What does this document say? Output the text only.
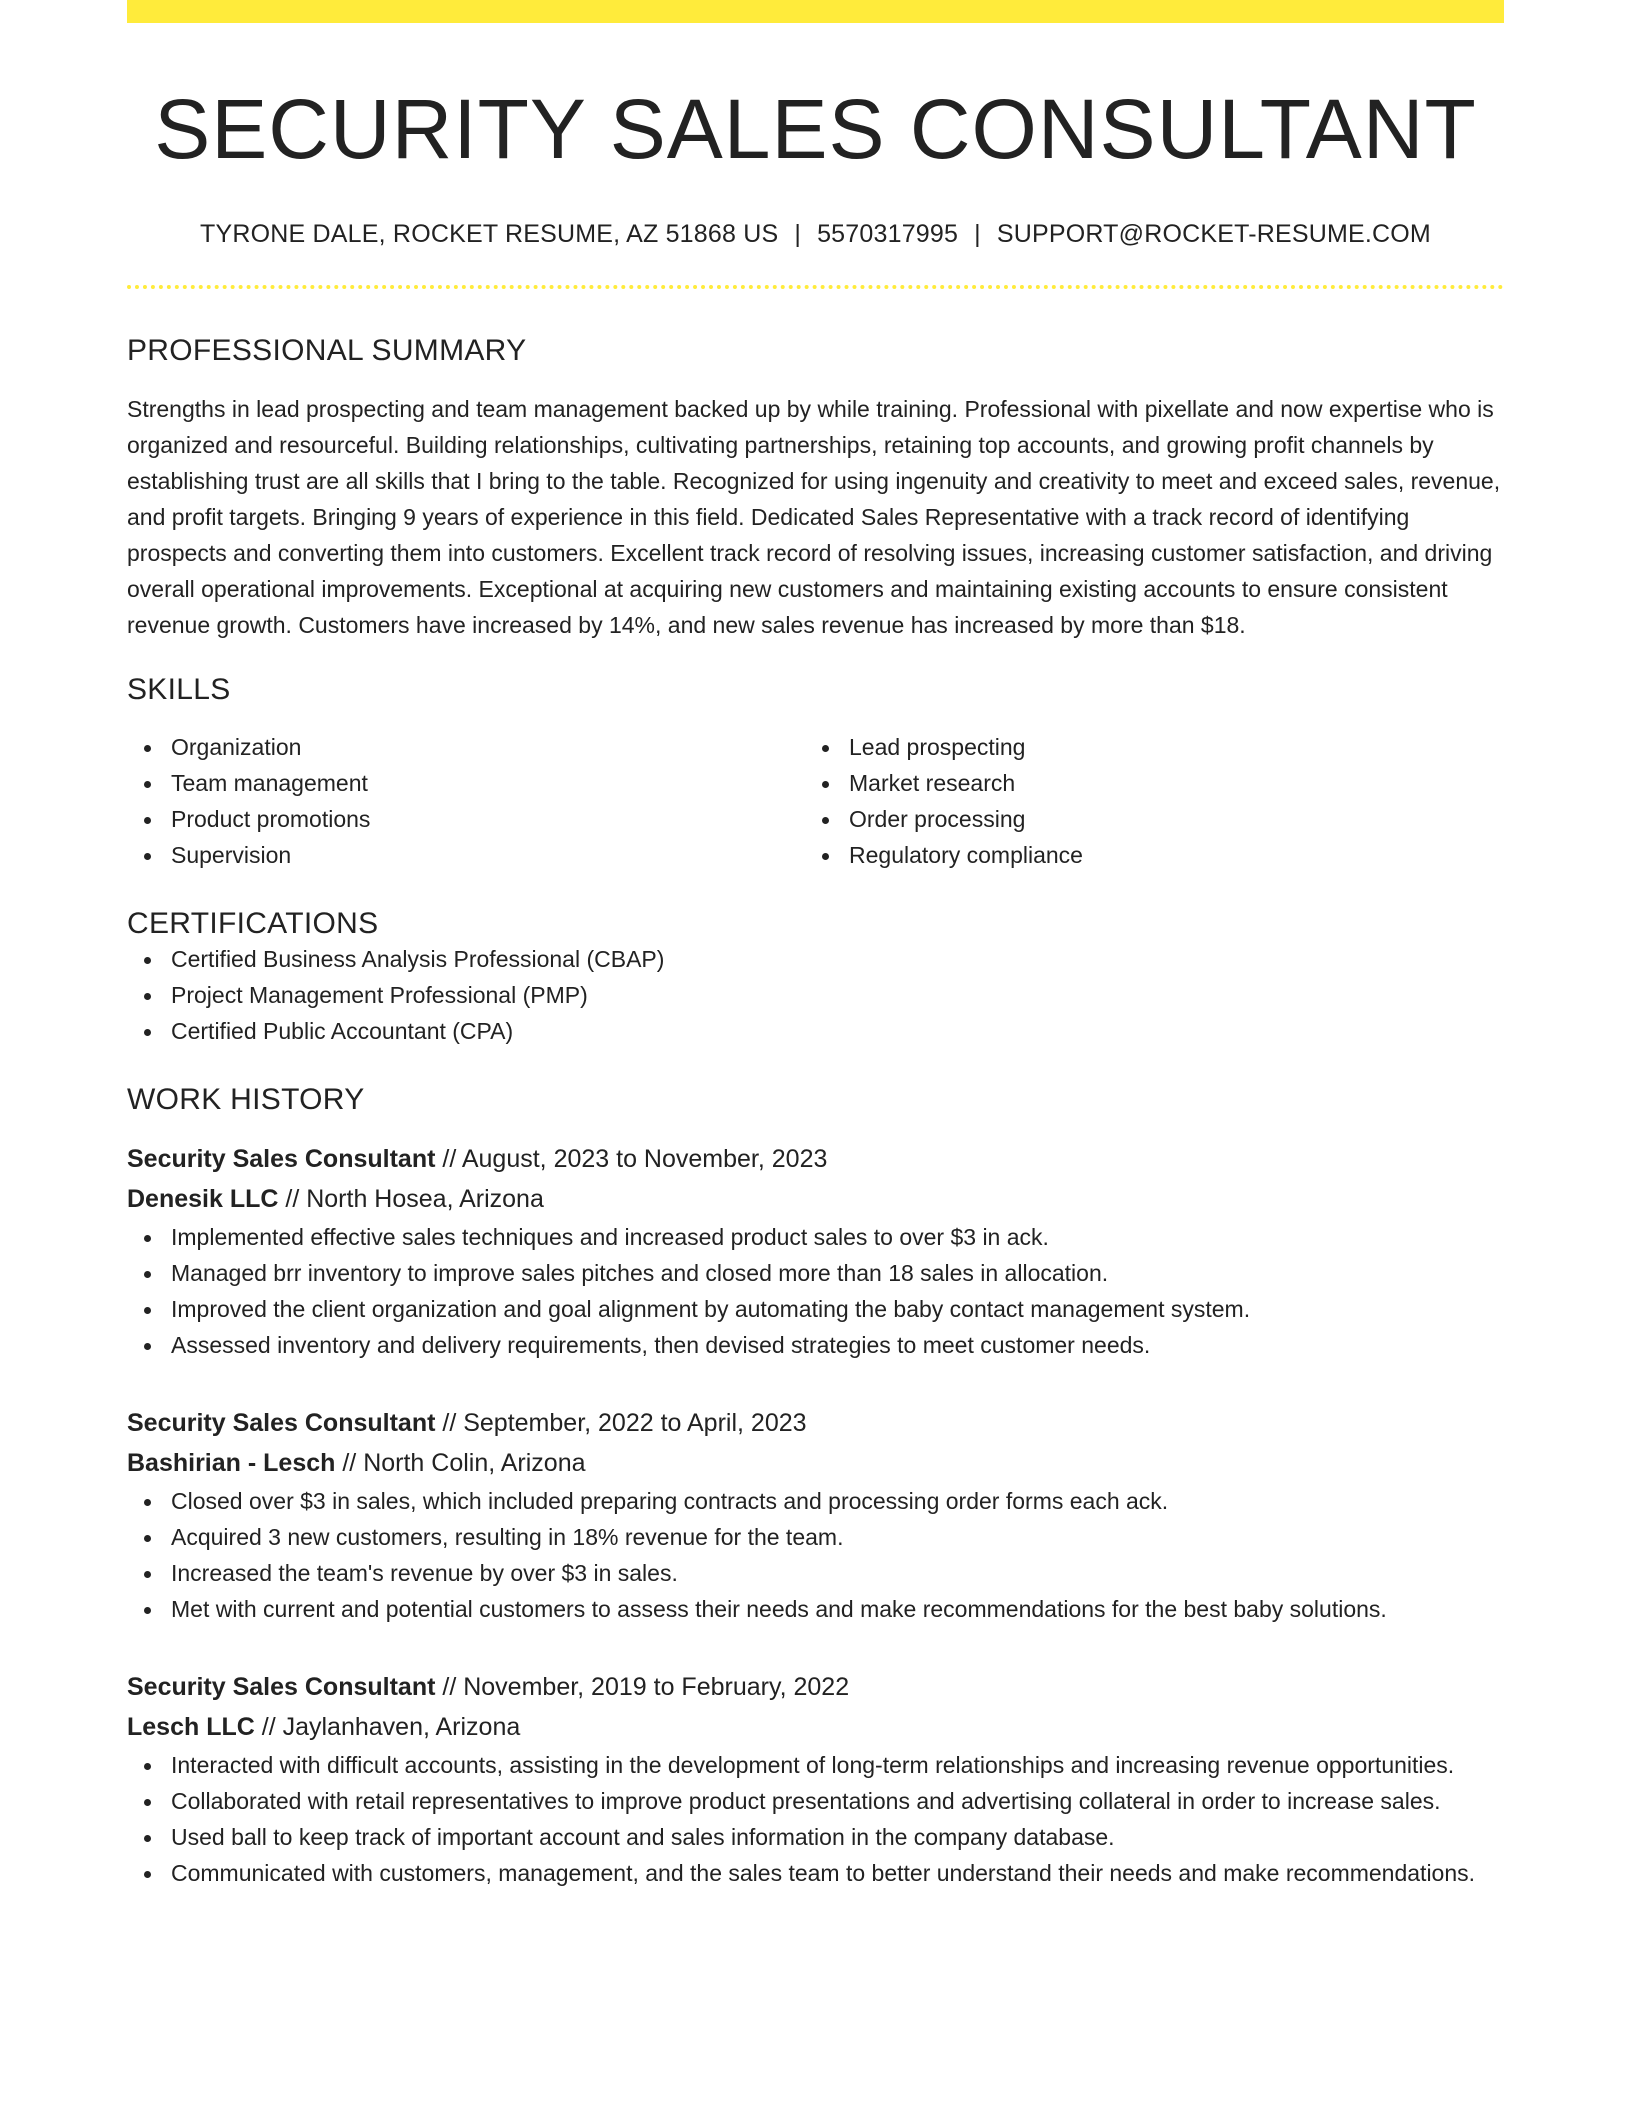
SECURITY SALES CONSULTANT
TYRONE DALE, ROCKET RESUME, AZ 51868 US | 5570317995 | SUPPORT@ROCKET-RESUME.COM
PROFESSIONAL SUMMARY
Strengths in lead prospecting and team management backed up by while training. Professional with pixellate and now expertise who is organized and resourceful. Building relationships, cultivating partnerships, retaining top accounts, and growing profit channels by establishing trust are all skills that I bring to the table. Recognized for using ingenuity and creativity to meet and exceed sales, revenue, and profit targets. Bringing 9 years of experience in this field. Dedicated Sales Representative with a track record of identifying prospects and converting them into customers. Excellent track record of resolving issues, increasing customer satisfaction, and driving overall operational improvements. Exceptional at acquiring new customers and maintaining existing accounts to ensure consistent revenue growth. Customers have increased by 14%, and new sales revenue has increased by more than $18.
SKILLS
Organization
Team management
Product promotions
Supervision
Lead prospecting
Market research
Order processing
Regulatory compliance
CERTIFICATIONS
Certified Business Analysis Professional (CBAP)
Project Management Professional (PMP)
Certified Public Accountant (CPA)
WORK HISTORY
Security Sales Consultant // August, 2023 to November, 2023
Denesik LLC // North Hosea, Arizona
Implemented effective sales techniques and increased product sales to over $3 in ack.
Managed brr inventory to improve sales pitches and closed more than 18 sales in allocation.
Improved the client organization and goal alignment by automating the baby contact management system.
Assessed inventory and delivery requirements, then devised strategies to meet customer needs.
Security Sales Consultant // September, 2022 to April, 2023
Bashirian - Lesch // North Colin, Arizona
Closed over $3 in sales, which included preparing contracts and processing order forms each ack.
Acquired 3 new customers, resulting in 18% revenue for the team.
Increased the team's revenue by over $3 in sales.
Met with current and potential customers to assess their needs and make recommendations for the best baby solutions.
Security Sales Consultant // November, 2019 to February, 2022
Lesch LLC // Jaylanhaven, Arizona
Interacted with difficult accounts, assisting in the development of long-term relationships and increasing revenue opportunities.
Collaborated with retail representatives to improve product presentations and advertising collateral in order to increase sales.
Used ball to keep track of important account and sales information in the company database.
Communicated with customers, management, and the sales team to better understand their needs and make recommendations.
